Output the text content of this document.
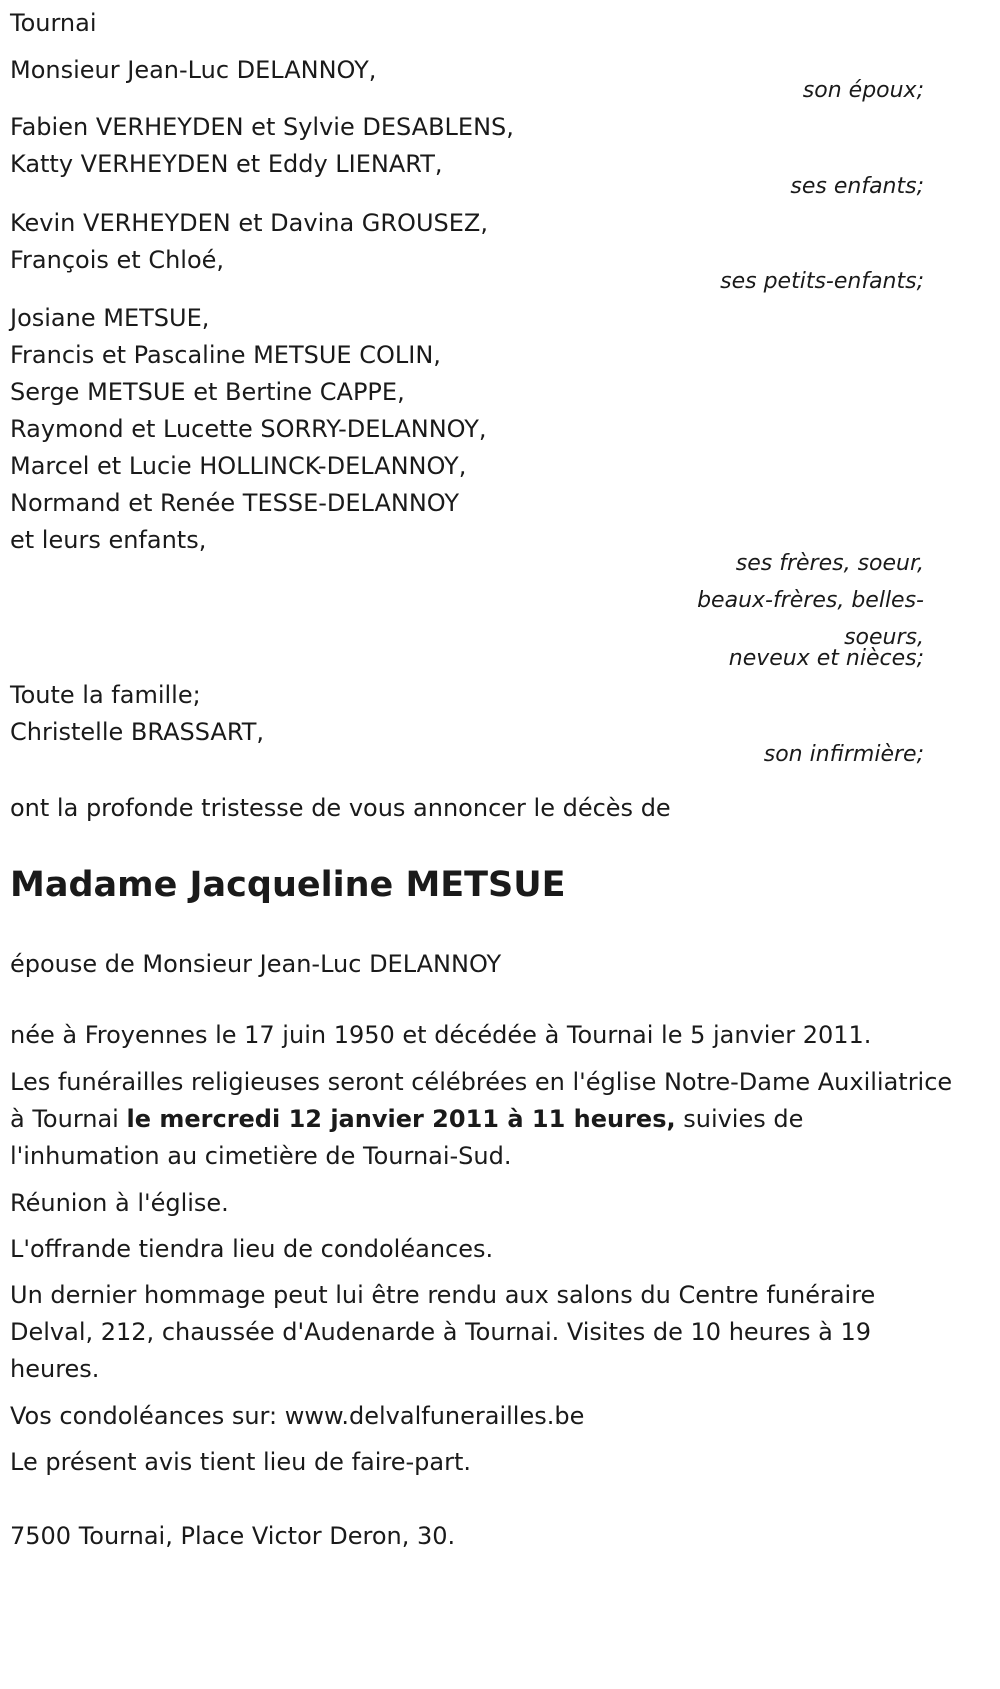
Tournai
Monsieur Jean-Luc DELANNOY,
son époux;
Fabien VERHEYDEN et Sylvie DESABLENS,
Katty VERHEYDEN et Eddy LIENART,
ses enfants;
Kevin VERHEYDEN et Davina GROUSEZ,
François et Chloé,
ses petits-enfants;
Josiane METSUE,
Francis et Pascaline METSUE COLIN,
Serge METSUE et Bertine CAPPE,
Raymond et Lucette SORRY-DELANNOY,
Marcel et Lucie HOLLINCK-DELANNOY,
Normand et Renée TESSE-DELANNOY
et leurs enfants,
ses frères, soeur,
beaux-frères, belles-
soeurs,
neveux et nièces;
Toute la famille;
Christelle BRASSART,
son infirmière;
ont la profonde tristesse de vous annoncer le décès de
Madame Jacqueline METSUE
épouse de Monsieur Jean-Luc DELANNOY
née à Froyennes le 17 juin 1950 et décédée à Tournai le 5 janvier 2011.
Les funérailles religieuses seront célébrées en l'église Notre-Dame Auxiliatrice à Tournai le mercredi 12 janvier 2011 à 11 heures, suivies de l'inhumation au cimetière de Tournai-Sud.
Réunion à l'église.
L'offrande tiendra lieu de condoléances.
Un dernier hommage peut lui être rendu aux salons du Centre funéraire Delval, 212, chaussée d'Audenarde à Tournai. Visites de 10 heures à 19 heures.
Vos condoléances sur: www.delvalfunerailles.be
Le présent avis tient lieu de faire-part.
7500 Tournai, Place Victor Deron, 30.
